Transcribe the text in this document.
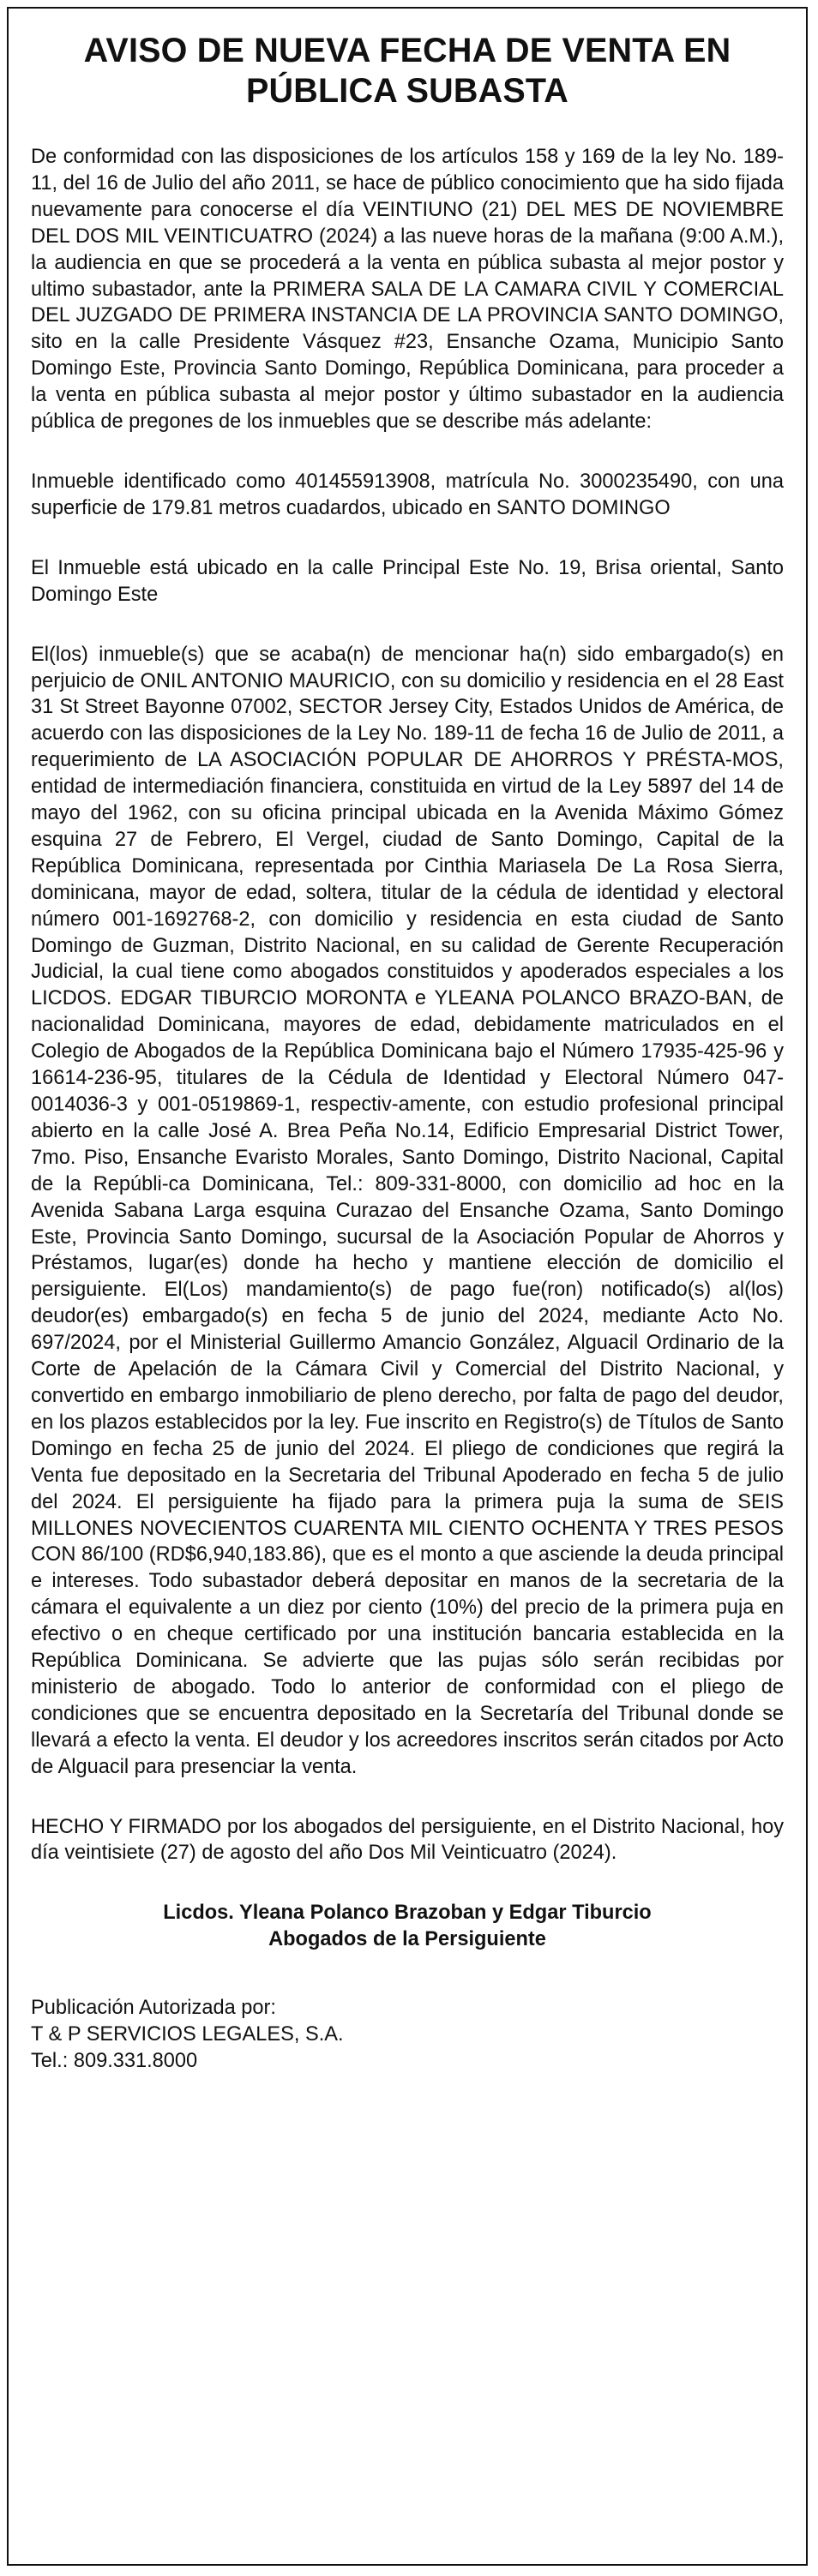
AVISO DE NUEVA FECHA DE VENTA EN PÚBLICA SUBASTA

De conformidad con las disposiciones de los artículos 158 y 169 de la ley No. 189-11, del 16 de Julio del año 2011, se hace de público conocimiento que ha sido fijada nuevamente para conocerse el día VEINTIUNO (21) DEL MES DE NOVIEMBRE DEL DOS MIL VEINTICUATRO (2024) a las nueve horas de la mañana (9:00 A.M.), la audiencia en que se procederá a la venta en pública subasta al mejor postor y ultimo subastador, ante la PRIMERA SALA DE LA CAMARA CIVIL Y COMERCIAL DEL JUZGADO DE PRIMERA INSTANCIA DE LA PROVINCIA SANTO DOMINGO, sito en la calle Presidente Vásquez #23, Ensanche Ozama, Municipio Santo Domingo Este, Provincia Santo Domingo, República Dominicana, para proceder a la venta en pública subasta al mejor postor y último subastador en la audiencia pública de pregones de los inmuebles que se describe más adelante:

Inmueble identificado como 401455913908, matrícula No. 3000235490, con una superficie de 179.81 metros cuadardos, ubicado en SANTO DOMINGO

El Inmueble está ubicado en la calle Principal Este No. 19, Brisa oriental, Santo Domingo Este

El(los) inmueble(s) que se acaba(n) de mencionar ha(n) sido embargado(s) en perjuicio de ONIL ANTONIO MAURICIO, con su domicilio y residencia en el 28 East 31 St Street Bayonne 07002, SECTOR Jersey City, Estados Unidos de América, de acuerdo con las disposiciones de la Ley No. 189-11 de fecha 16 de Julio de 2011, a requerimiento de LA ASOCIACIÓN POPULAR DE AHORROS Y PRÉSTA-MOS, entidad de intermediación financiera, constituida en virtud de la Ley 5897 del 14 de mayo del 1962, con su oficina principal ubicada en la Avenida Máximo Gómez esquina 27 de Febrero, El Vergel, ciudad de Santo Domingo, Capital de la República Dominicana, representada por Cinthia Mariasela De La Rosa Sierra, dominicana, mayor de edad, soltera, titular de la cédula de identidad y electoral número 001-1692768-2, con domicilio y residencia en esta ciudad de Santo Domingo de Guzman, Distrito Nacional, en su calidad de Gerente Recuperación Judicial, la cual tiene como abogados constituidos y apoderados especiales a los LICDOS. EDGAR TIBURCIO MORONTA e YLEANA POLANCO BRAZO-BAN, de nacionalidad Dominicana, mayores de edad, debidamente matriculados en el Colegio de Abogados de la República Dominicana bajo el Número 17935-425-96 y 16614-236-95, titulares de la Cédula de Identidad y Electoral Número 047-0014036-3 y 001-0519869-1, respectiv-amente, con estudio profesional principal abierto en la calle José A. Brea Peña No.14, Edificio Empresarial District Tower, 7mo. Piso, Ensanche Evaristo Morales, Santo Domingo, Distrito Nacional, Capital de la Repúbli-ca Dominicana, Tel.: 809-331-8000, con domicilio ad hoc en la Avenida Sabana Larga esquina Curazao del Ensanche Ozama, Santo Domingo Este, Provincia Santo Domingo, sucursal de la Asociación Popular de Ahorros y Préstamos, lugar(es) donde ha hecho y mantiene elección de domicilio el persiguiente. El(Los) mandamiento(s) de pago fue(ron) notificado(s) al(los) deudor(es) embargado(s) en fecha 5 de junio del 2024, mediante Acto No. 697/2024, por el Ministerial Guillermo Amancio González, Alguacil Ordinario de la Corte de Apelación de la Cámara Civil y Comercial del Distrito Nacional, y convertido en embargo inmobiliario de pleno derecho, por falta de pago del deudor, en los plazos establecidos por la ley. Fue inscrito en Registro(s) de Títulos de Santo Domingo en fecha 25 de junio del 2024. El pliego de condiciones que regirá la Venta fue depositado en la Secretaria del Tribunal Apoderado en fecha 5 de julio del 2024. El persiguiente ha fijado para la primera puja la suma de SEIS MILLONES NOVECIENTOS CUARENTA MIL CIENTO OCHENTA Y TRES PESOS CON 86/100 (RD$6,940,183.86), que es el monto a que asciende la deuda principal e intereses. Todo subastador deberá depositar en manos de la secretaria de la cámara el equivalente a un diez por ciento (10%) del precio de la primera puja en efectivo o en cheque certificado por una institución bancaria establecida en la República Dominicana. Se advierte que las pujas sólo serán recibidas por ministerio de abogado. Todo lo anterior de conformidad con el pliego de condiciones que se encuentra depositado en la Secretaría del Tribunal donde se llevará a efecto la venta. El deudor y los acreedores inscritos serán citados por Acto de Alguacil para presenciar la venta.

HECHO Y FIRMADO por los abogados del persiguiente, en el Distrito Nacional, hoy día veintisiete (27) de agosto del año Dos Mil Veinticuatro (2024).

Licdos. Yleana Polanco Brazoban y Edgar Tiburcio
Abogados de la Persiguiente
Publicación Autorizada por:
T & P SERVICIOS LEGALES, S.A.
Tel.: 809.331.8000
